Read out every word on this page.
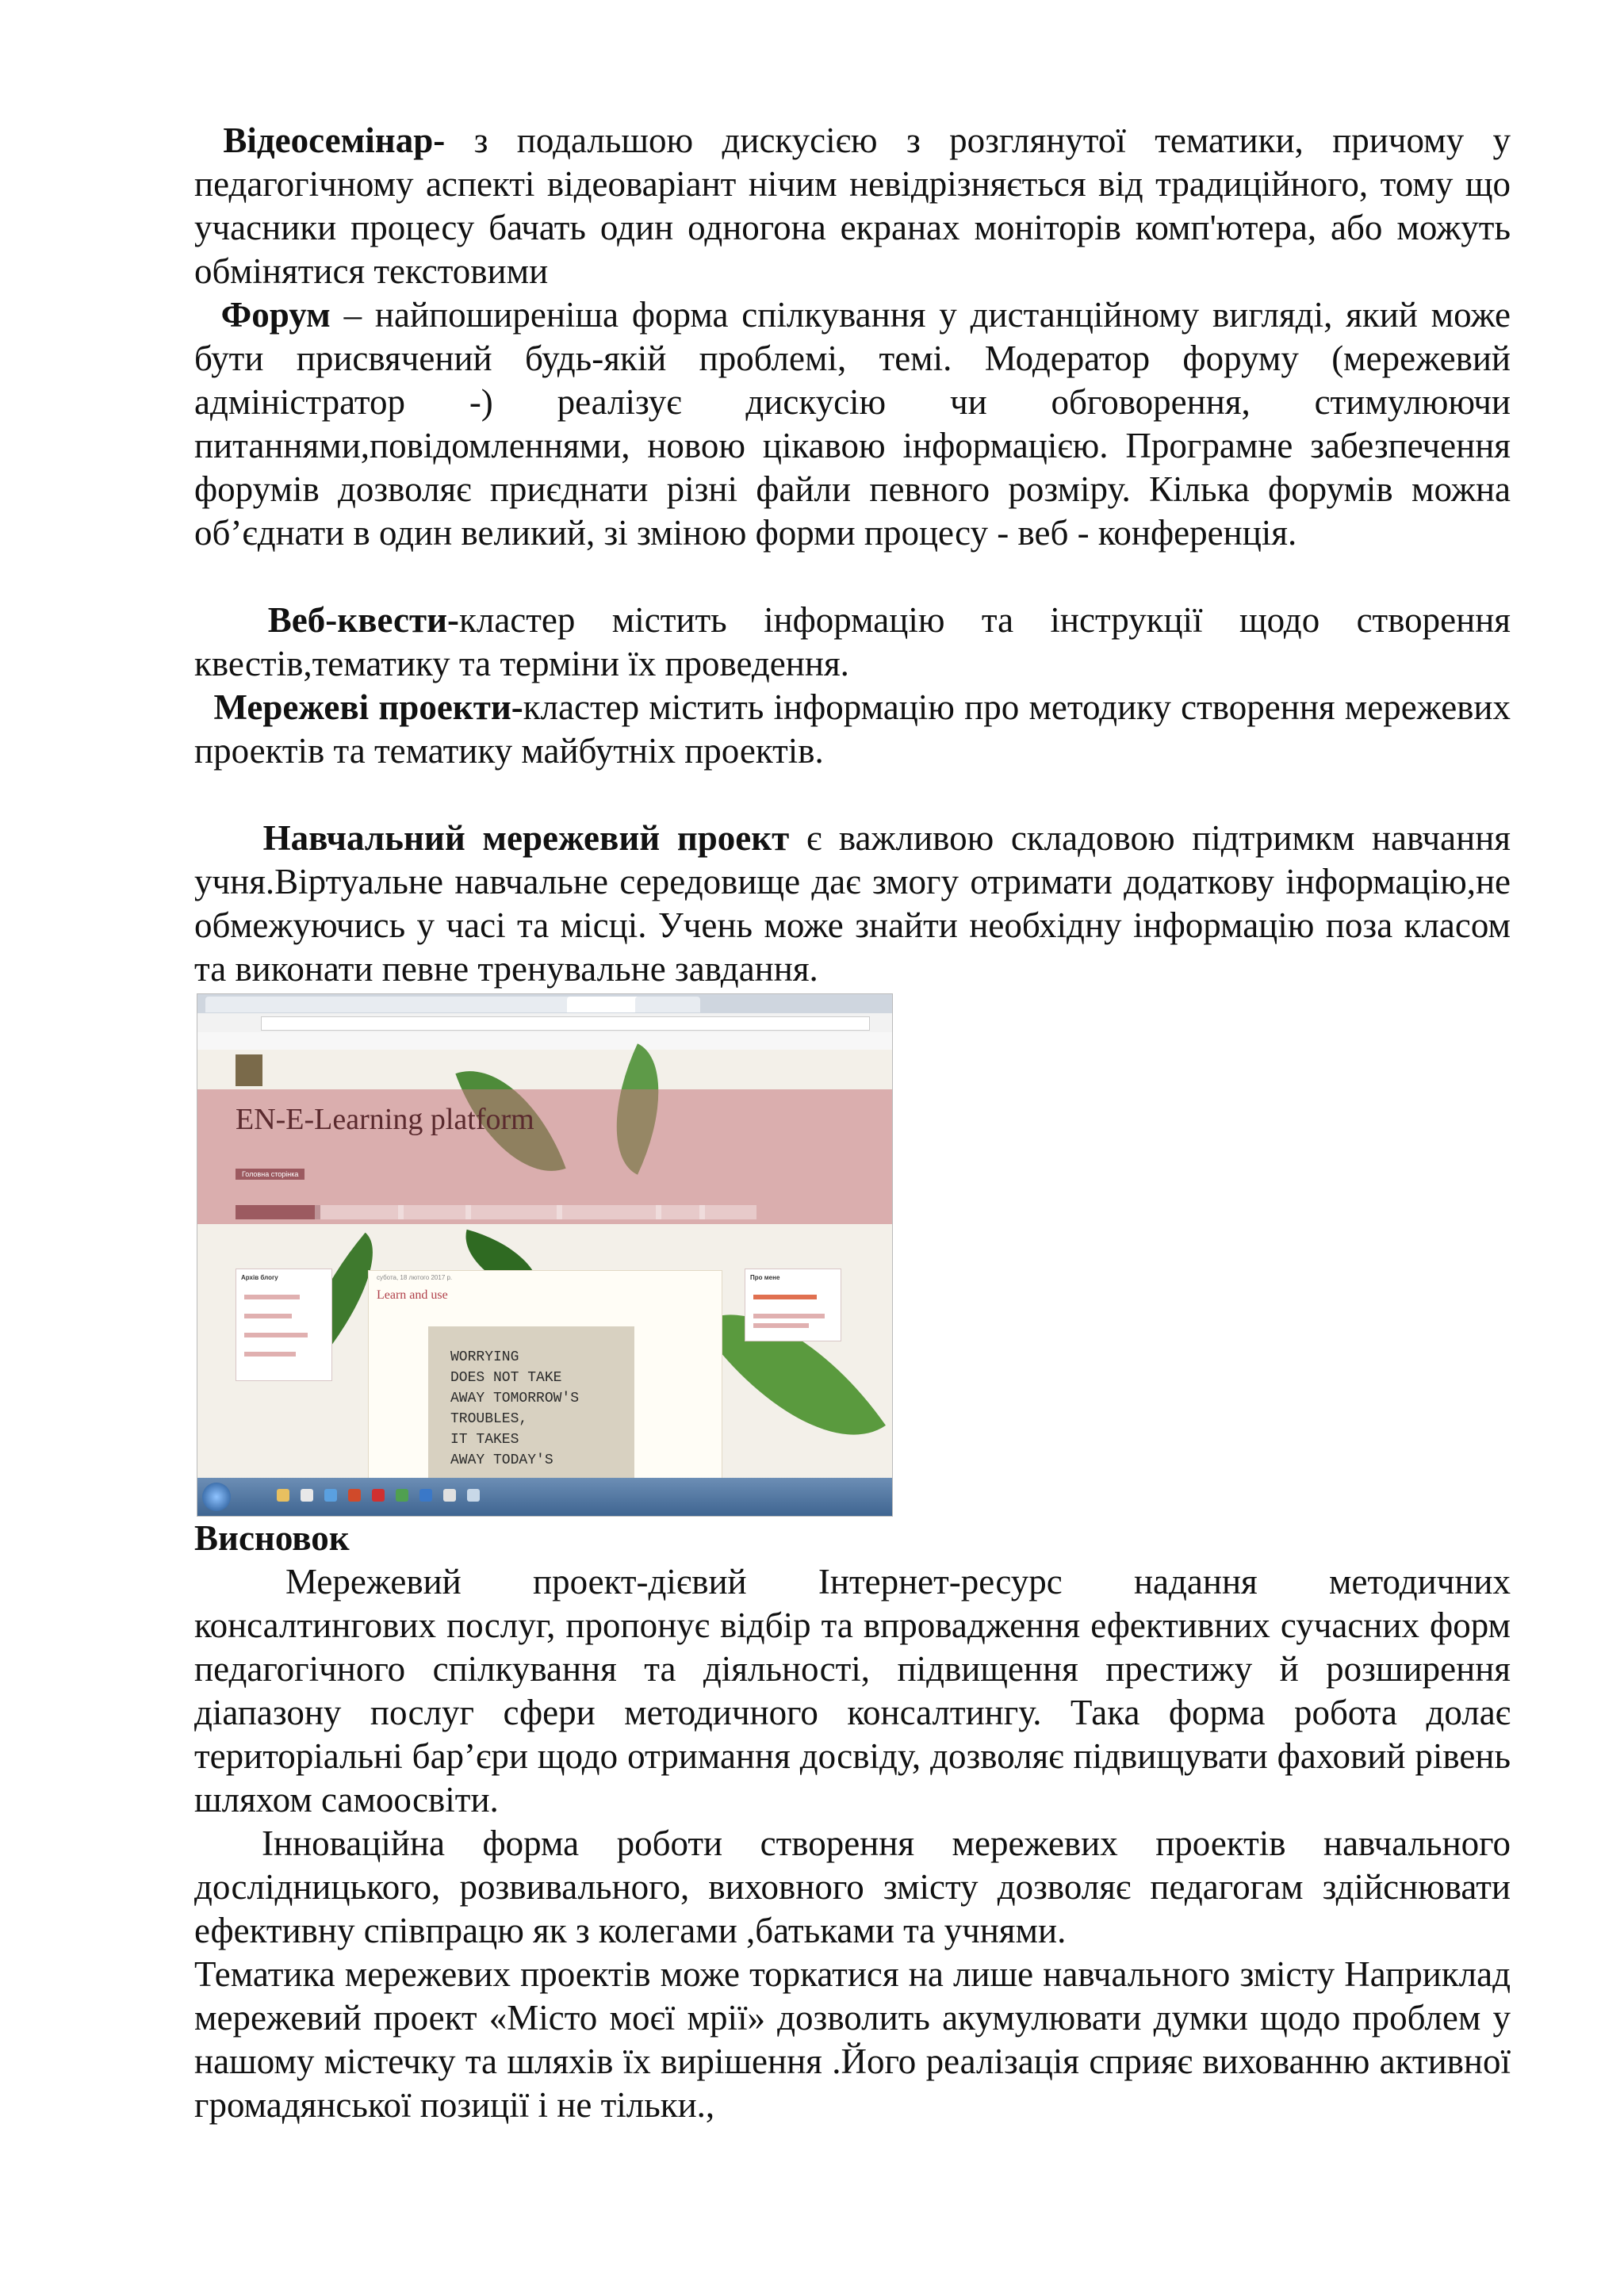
Відеосемінар- з подальшою дискусією з розглянутої тематики, причому у педагогічному аспекті відеоваріант нічим невідрізняється від традиційного, тому що учасники процесу бачать один одногона екранах моніторів комп'ютера, або можуть обмінятися текстовими

Форум – найпоширеніша форма спілкування у дистанційному вигляді, який може бути присвячений будь-якій проблемі, темі. Модератор форуму (мережевий адміністратор -) реалізує дискусію чи обговорення, стимулюючи питаннями,повідомленнями, новою цікавою інформацією. Програмне забезпечення форумів дозволяє приєднати різні файли певного розміру. Кілька форумів можна об’єднати в один великий, зі зміною форми процесу - веб - конференція.

Веб-квести-кластер містить інформацію та інструкції щодо створення квестів,тематику та терміни їх проведення.

Мережеві проекти-кластер містить інформацію про методику створення мережевих проектів та тематику майбутніх проектів.

Навчальний мережевий проект є важливою складовою підтримкм навчання учня.Віртуальне навчальне середовище дає змогу отримати додаткову інформацію,не обмежуючись у часі та місці. Учень може знайти необхідну інформацію поза класом та виконати певне тренувальне завдання.

EN-E-Learning platform
Головна сторінка
Архів блогу	Про мене
субота, 18 лютого 2017 р.
Learn and use
WORRYING
DOES NOT TAKE
AWAY TOMORROW'S
TROUBLES,
IT TAKES
AWAY TODAY'S
Висновок

Мережевий проект-дієвий Інтернет-ресурс надання методичних консалтингових послуг, пропонує відбір та впровадження ефективних сучасних форм педагогічного спілкування та діяльності, підвищення престижу й розширення діапазону послуг сфери методичного консалтингу. Така форма робота долає територіальні бар’єри щодо отримання досвіду, дозволяє підвищувати фаховий рівень шляхом самоосвіти.

Інноваційна форма роботи створення мережевих проектів навчального дослідницького, розвивального, виховного змісту дозволяє педагогам здійснювати ефективну співпрацю як з колегами ,батьками та учнями.

Тематика мережевих проектів може торкатися на лише навчального змісту Наприклад мережевий проект «Місто моєї мрії» дозволить акумулювати думки щодо проблем у нашому містечку та шляхів їх вирішення .Його реалізація сприяє вихованню активної громадянської позиції і не тільки.,
